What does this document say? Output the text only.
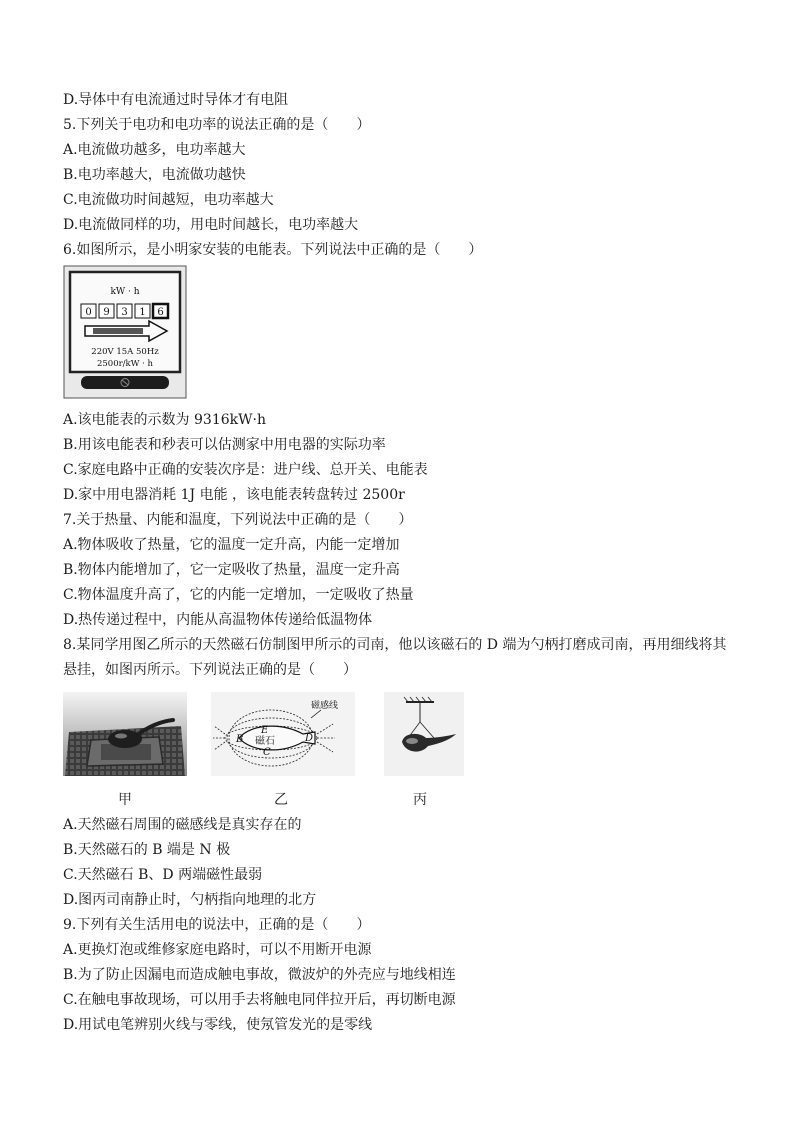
D.导体中有电流通过时导体才有电阻
5.下列关于电功和电功率的说法正确的是（　　）
A.电流做功越多，电功率越大
B.电功率越大，电流做功越快
C.电流做功时间越短，电功率越大
D.电流做同样的功，用电时间越长，电功率越大
6.如图所示，是小明家安装的电能表。下列说法中正确的是（　　）
kW · h
0 9 3 1 6
220V 15A 50Hz
2500r/kW · h
A.该电能表的示数为 9316kW·h
B.用该电能表和秒表可以估测家中用电器的实际功率
C.家庭电路中正确的安装次序是：进户线、总开关、电能表
D.家中用电器消耗 1J 电能 ，该电能表转盘转过 2500r
7.关于热量、内能和温度，下列说法中正确的是（　　）
A.物体吸收了热量，它的温度一定升高，内能一定增加
B.物体内能增加了，它一定吸收了热量，温度一定升高
C.物体温度升高了，它的内能一定增加，一定吸收了热量
D.热传递过程中，内能从高温物体传递给低温物体
8.某同学用图乙所示的天然磁石仿制图甲所示的司南，他以该磁石的 D 端为勺柄打磨成司南，再用细线将其
悬挂，如图丙所示。下列说法正确的是（　　）
B
E
磁石
C
D
磁感线
甲	乙	丙
A.天然磁石周围的磁感线是真实存在的
B.天然磁石的 B 端是 N 极
C.天然磁石 B、D 两端磁性最弱
D.图丙司南静止时，勺柄指向地理的北方
9.下列有关生活用电的说法中，正确的是（　　）
A.更换灯泡或维修家庭电路时，可以不用断开电源
B.为了防止因漏电而造成触电事故，微波炉的外壳应与地线相连
C.在触电事故现场，可以用手去将触电同伴拉开后，再切断电源
D.用试电笔辨别火线与零线，使氖管发光的是零线
